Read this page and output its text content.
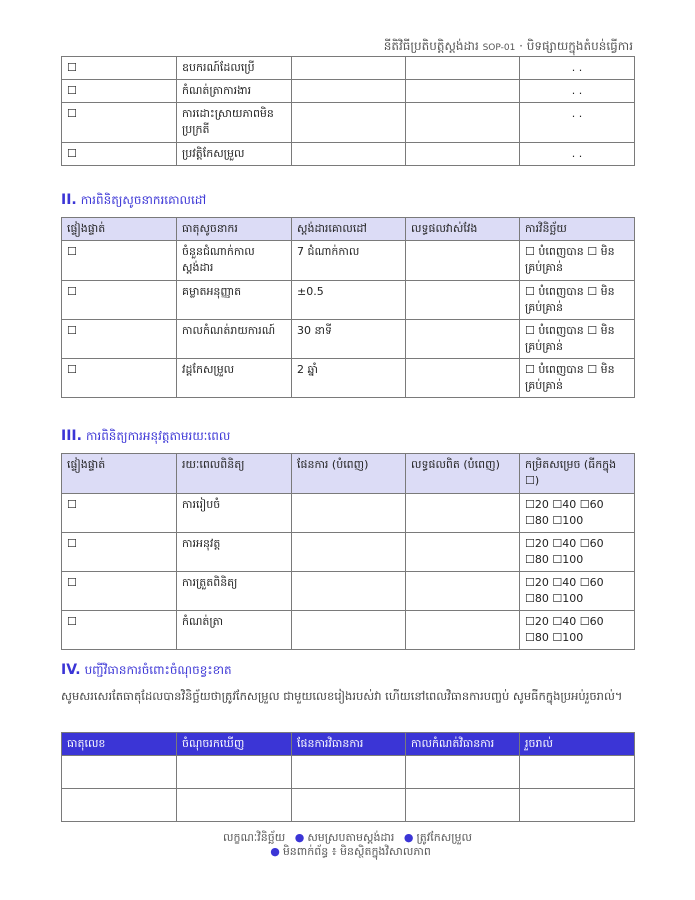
នីតិវិធីប្រតិបត្តិស្តង់ដារ SOP-01 · បិទផ្សាយក្នុងតំបន់ធ្វើការ
☐	ឧបករណ៍ដែលប្រើ			. .
☐	កំណត់ត្រាការងារ			. .
☐	ការដោះស្រាយភាពមិនប្រក្រតី			. .
☐	ប្រវត្តិកែសម្រួល			. .
II. ការពិនិត្យសូចនាករគោលដៅ
ផ្ទៀងផ្ទាត់	ធាតុសូចនាករ	ស្តង់ដារគោលដៅ	លទ្ធផលវាស់វែង	ការវិនិច្ឆ័យ
☐	ចំនួនជំណាក់កាលស្តង់ដារ	7 ជំណាក់កាល		☐ បំពេញបាន ☐ មិនគ្រប់គ្រាន់
☐	គម្លាតអនុញ្ញាត	±0.5		☐ បំពេញបាន ☐ មិនគ្រប់គ្រាន់
☐	កាលកំណត់រាយការណ៍	30 នាទី		☐ បំពេញបាន ☐ មិនគ្រប់គ្រាន់
☐	វដ្តកែសម្រួល	2 ឆ្នាំ		☐ បំពេញបាន ☐ មិនគ្រប់គ្រាន់
III. ការពិនិត្យការអនុវត្តតាមរយៈពេល
ផ្ទៀងផ្ទាត់	រយៈពេលពិនិត្យ	ផែនការ (បំពេញ)	លទ្ធផលពិត (បំពេញ)	កម្រិតសម្រេច (ធីកក្នុង ☐)
☐	ការរៀបចំ			☐20 ☐40 ☐60
☐80 ☐100

☐	ការអនុវត្ត			☐20 ☐40 ☐60
☐80 ☐100

☐	ការត្រួតពិនិត្យ			☐20 ☐40 ☐60
☐80 ☐100

☐	កំណត់ត្រា			☐20 ☐40 ☐60
☐80 ☐100
IV. បញ្ជីវិធានការចំពោះចំណុចខ្វះខាត
សូមសរសេរតែធាតុដែលបានវិនិច្ឆ័យថាត្រូវកែសម្រួល ជាមួយលេខរៀងរបស់វា ហើយនៅពេលវិធានការបញ្ចប់ សូមធីកក្នុងប្រអប់រួចរាល់។
ធាតុលេខ	ចំណុចរកឃើញ	ផែនការវិធានការ	កាលកំណត់វិធានការ	រួចរាល់

លក្ខណៈវិនិច្ឆ័យ ● សមស្របតាមស្តង់ដារ ● ត្រូវកែសម្រួល
● មិនពាក់ព័ន្ធ ៖ មិនស្ថិតក្នុងវិសាលភាព
